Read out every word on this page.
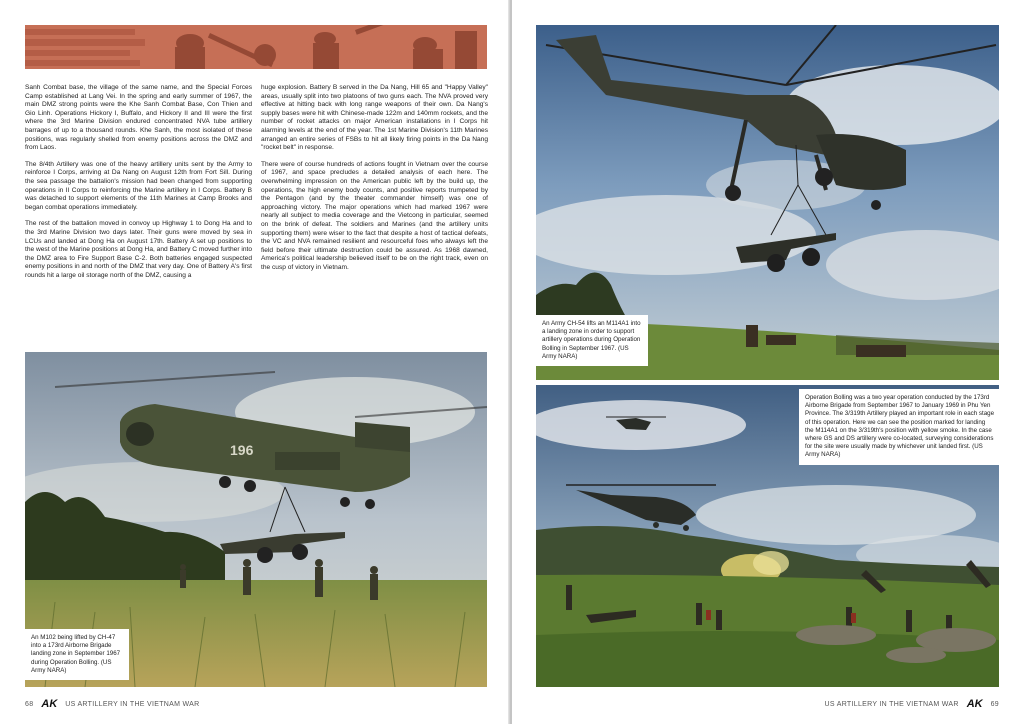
Sanh Combat base, the village of the same name, and the Special Forces Camp established at Lang Vei. In the spring and early summer of 1967, the main DMZ strong points were the Khe Sanh Combat Base, Con Thien and Gio Linh. Operations Hickory I, Buffalo, and Hickory II and III were the first where the 3rd Marine Division endured concentrated NVA tube artillery barrages of up to a thousand rounds. Khe Sanh, the most isolated of these positions, was regularly shelled from enemy positions across the DMZ and from Laos.

The 8/4th Artillery was one of the heavy artillery units sent by the Army to reinforce I Corps, arriving at Da Nang on August 12th from Fort Sill. During the sea passage the battalion's mission had been changed from supporting operations in II Corps to reinforcing the Marine artillery in I Corps. Battery B was detached to support elements of the 11th Marines at Camp Brooks and began combat operations immediately.

The rest of the battalion moved in convoy up Highway 1 to Dong Ha and to the 3rd Marine Division two days later. Their guns were moved by sea in LCUs and landed at Dong Ha on August 17th. Battery A set up positions to the west of the Marine positions at Dong Ha, and Battery C moved further into the DMZ area to Fire Support Base C-2. Both batteries engaged suspected enemy positions in and north of the DMZ that very day. One of Battery A's first rounds hit a large oil storage north of the DMZ, causing a

huge explosion. Battery B served in the Da Nang, Hill 65 and "Happy Valley" areas, usually split into two platoons of two guns each. The NVA proved very effective at hitting back with long range weapons of their own. Da Nang's supply bases were hit with Chinese-made 122m and 140mm rockets, and the number of rocket attacks on major American installations in I Corps hit alarming levels at the end of the year. The 1st Marine Division's 11th Marines arranged an entire series of FSBs to hit all likely firing points in the Da Nang "rocket belt" in response.

There were of course hundreds of actions fought in Vietnam over the course of 1967, and space precludes a detailed analysis of each here. The overwhelming impression on the American public left by the build up, the operations, the high enemy body counts, and positive reports trumpeted by the Pentagon (and by the theater commander himself) was one of approaching victory. The major operations which had marked 1967 were nearly all subject to media coverage and the Vietcong in particular, seemed on the brink of defeat. The soldiers and Marines (and the artillery units supporting them) were wiser to the fact that despite a host of tactical defeats, the VC and NVA remained resilient and resourceful foes who always left the field before their ultimate destruction could be assured. As 1968 dawned, America's political leadership believed itself to be on the right track, even on the cusp of victory in Vietnam.

196
An M102 being lifted by CH-47 into a 173rd Airborne Brigade landing zone in September 1967 during Operation Bolling. (US Army NARA)
68 AK US ARTILLERY IN THE VIETNAM WAR
An Army CH-54 lifts an M114A1 into a landing zone in order to support artillery operations during Operation Bolling in September 1967. (US Army NARA)
Operation Bolling was a two year operation conducted by the 173rd Airborne Brigade from September 1967 to January 1969 in Phu Yen Province. The 3/319th Artillery played an important role in each stage of this operation. Here we can see the position marked for landing the M114A1 on the 3/319th's position with yellow smoke. In the case where GS and DS artillery were co-located, surveying considerations for the site were usually made by whichever unit landed first. (US Army NARA)
US ARTILLERY IN THE VIETNAM WAR AK 69
